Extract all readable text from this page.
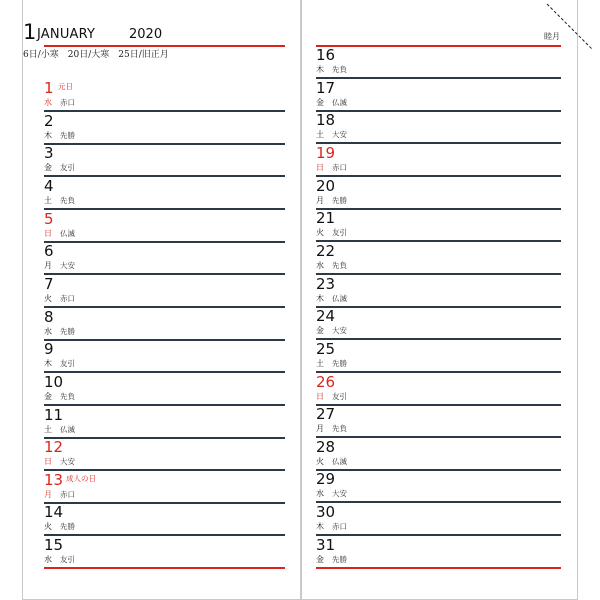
1 JANUARY	2020
6日/小寒　20日/大寒　25日/旧正月
睦月
1
水 赤口
元日
2
木 先勝
3
金 友引
4
土 先負
5
日 仏滅
6
月 大安
7
火 赤口
8
水 先勝
9
木 友引
10
金 先負
11
土 仏滅
12
日 大安
13
月 赤口
成人の日
14
火 先勝
15
水 友引
16
木 先負
17
金 仏滅
18
土 大安
19
日 赤口
20
月 先勝
21
火 友引
22
水 先負
23
木 仏滅
24
金 大安
25
土 先勝
26
日 友引
27
月 先負
28
火 仏滅
29
水 大安
30
木 赤口
31
金 先勝
